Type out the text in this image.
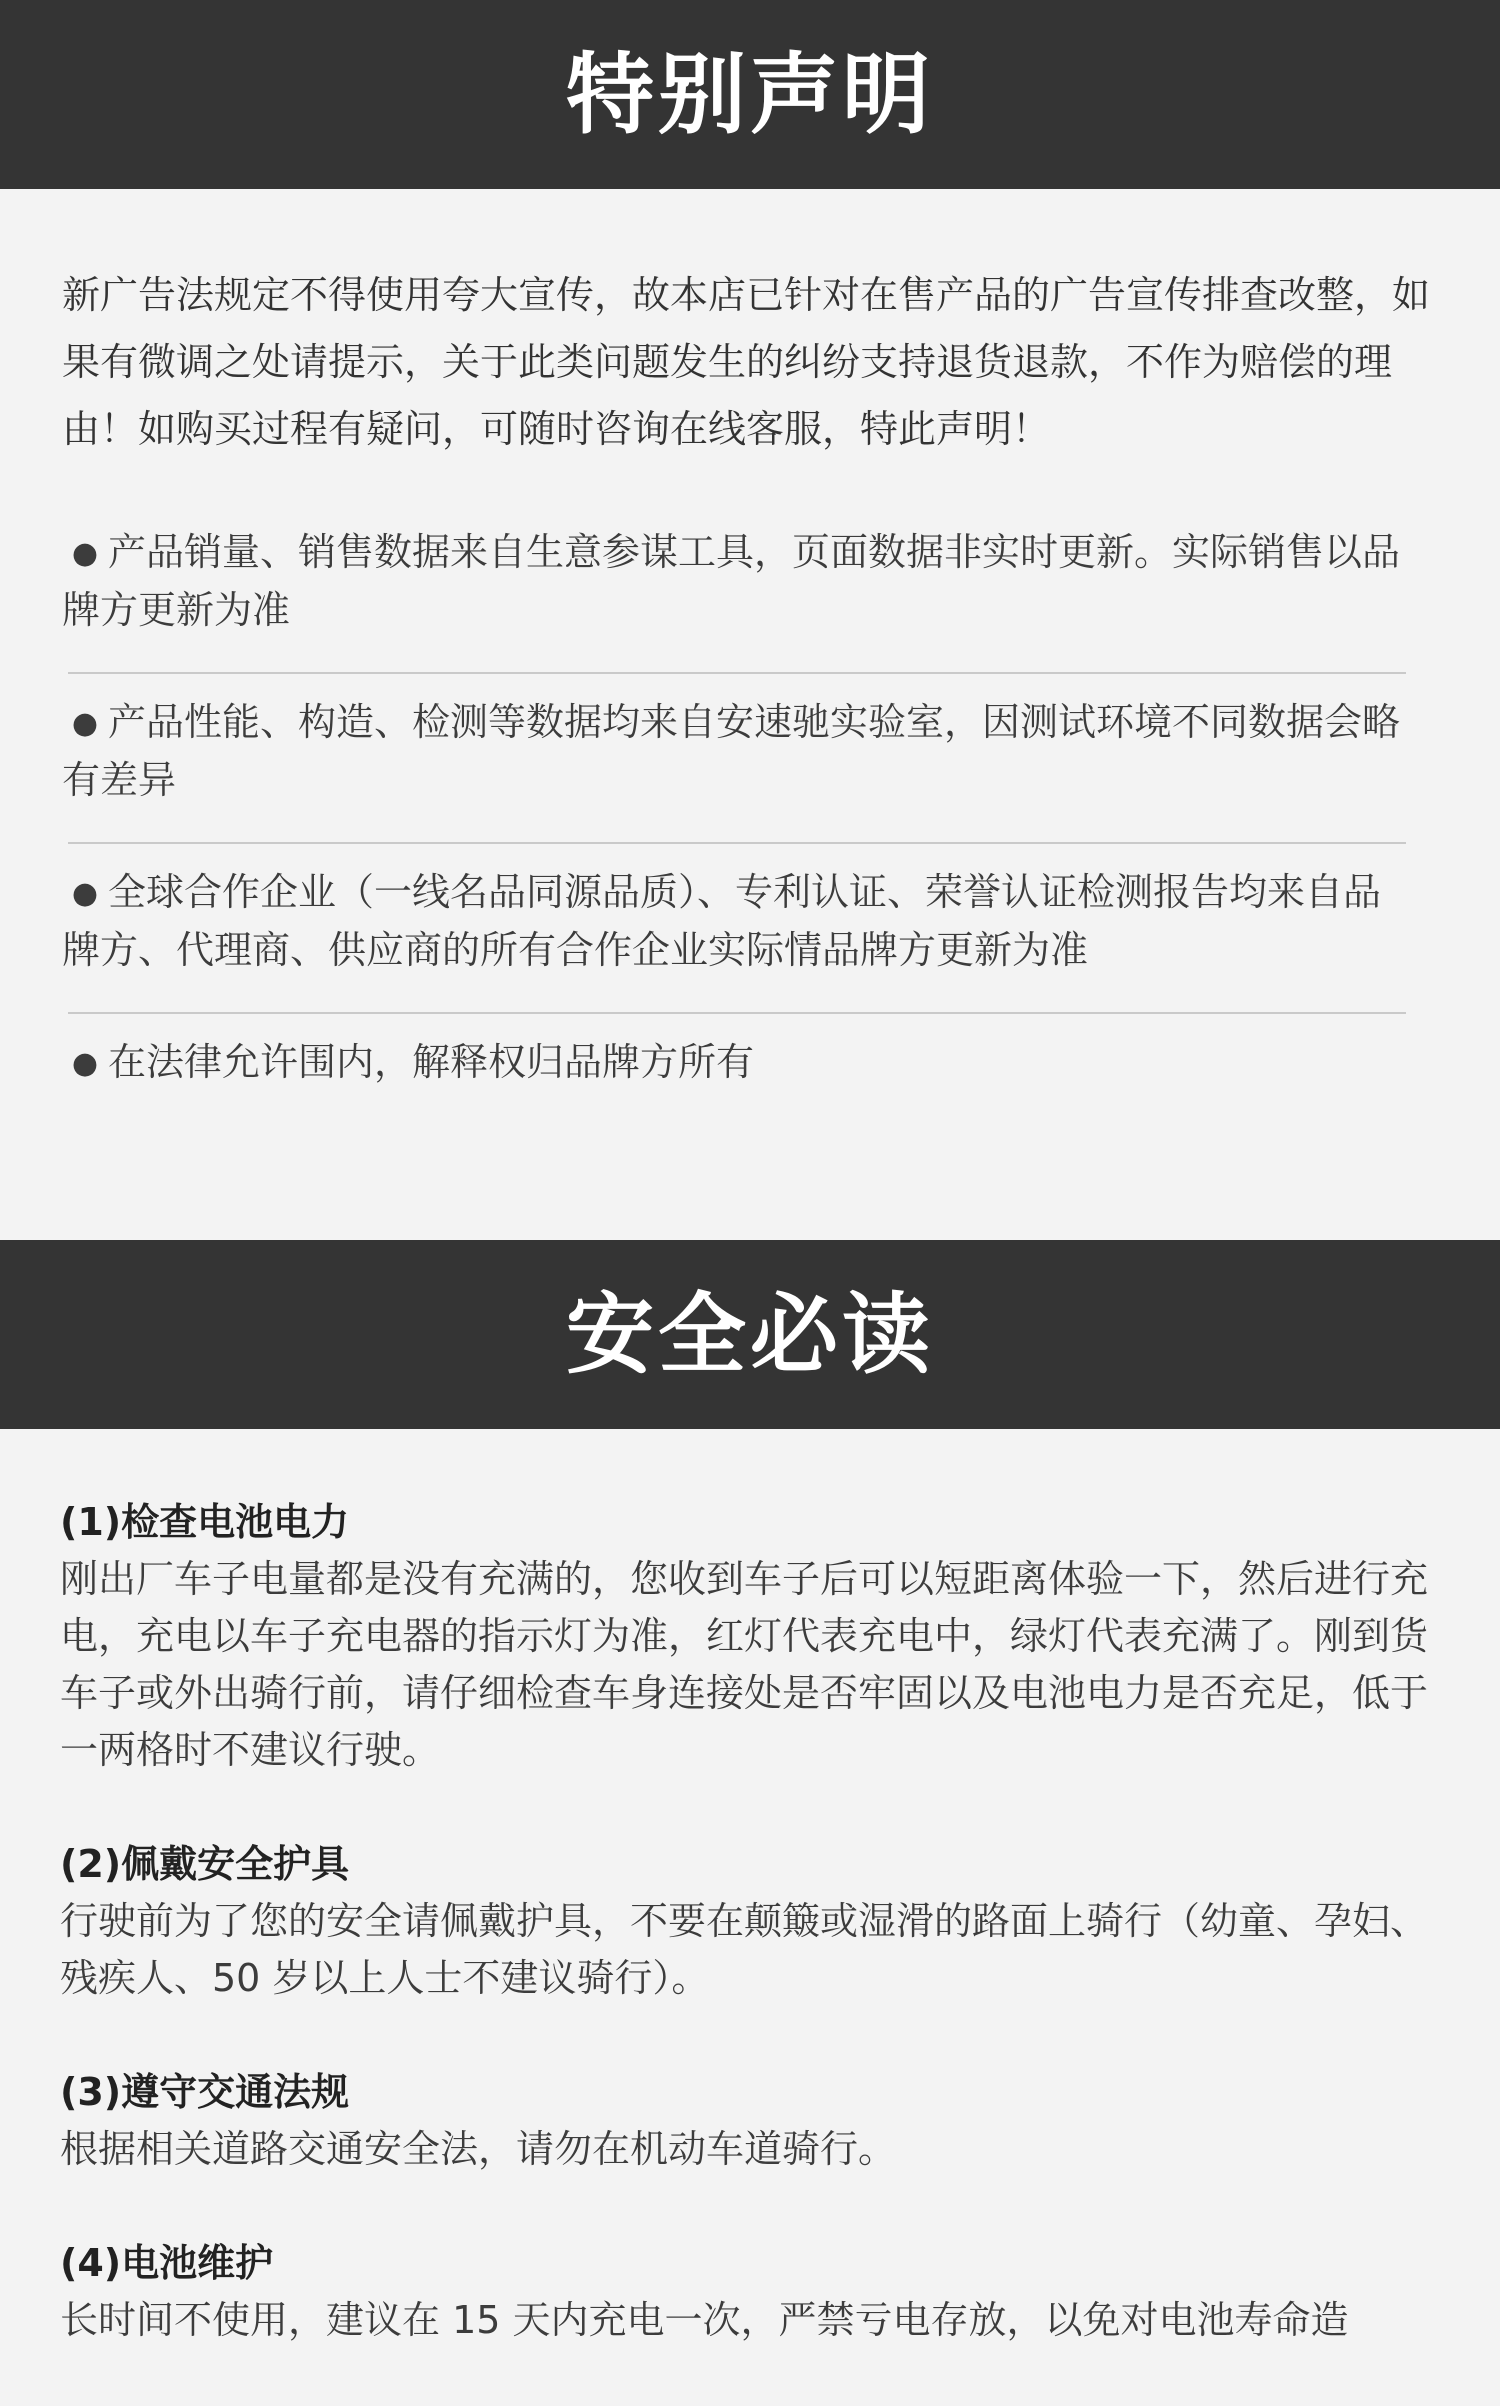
特别声明

新广告法规定不得使用夸大宣传，故本店已针对在售产品的广告宣传排查改整，如果有微调之处请提示，关于此类问题发生的纠纷支持退货退款，不作为赔偿的理由！如购买过程有疑问，可随时咨询在线客服，特此声明！

● 产品销量、销售数据来自生意参谋工具，页面数据非实时更新。实际销售以品牌方更新为准
● 产品性能、构造、检测等数据均来自安速驰实验室，因测试环境不同数据会略有差异
● 全球合作企业（一线名品同源品质）、专利认证、荣誉认证检测报告均来自品牌方、代理商、供应商的所有合作企业实际情品牌方更新为准
● 在法律允许围内，解释权归品牌方所有
安全必读

(1)检查电池电力

刚出厂车子电量都是没有充满的，您收到车子后可以短距离体验一下，然后进行充电，充电以车子充电器的指示灯为准，红灯代表充电中，绿灯代表充满了。刚到货车子或外出骑行前，请仔细检查车身连接处是否牢固以及电池电力是否充足，低于一两格时不建议行驶。

(2)佩戴安全护具

行驶前为了您的安全请佩戴护具，不要在颠簸或湿滑的路面上骑行（幼童、孕妇、残疾人、50 岁以上人士不建议骑行）。

(3)遵守交通法规

根据相关道路交通安全法，请勿在机动车道骑行。

(4)电池维护

长时间不使用，建议在 15 天内充电一次，严禁亏电存放，以免对电池寿命造
